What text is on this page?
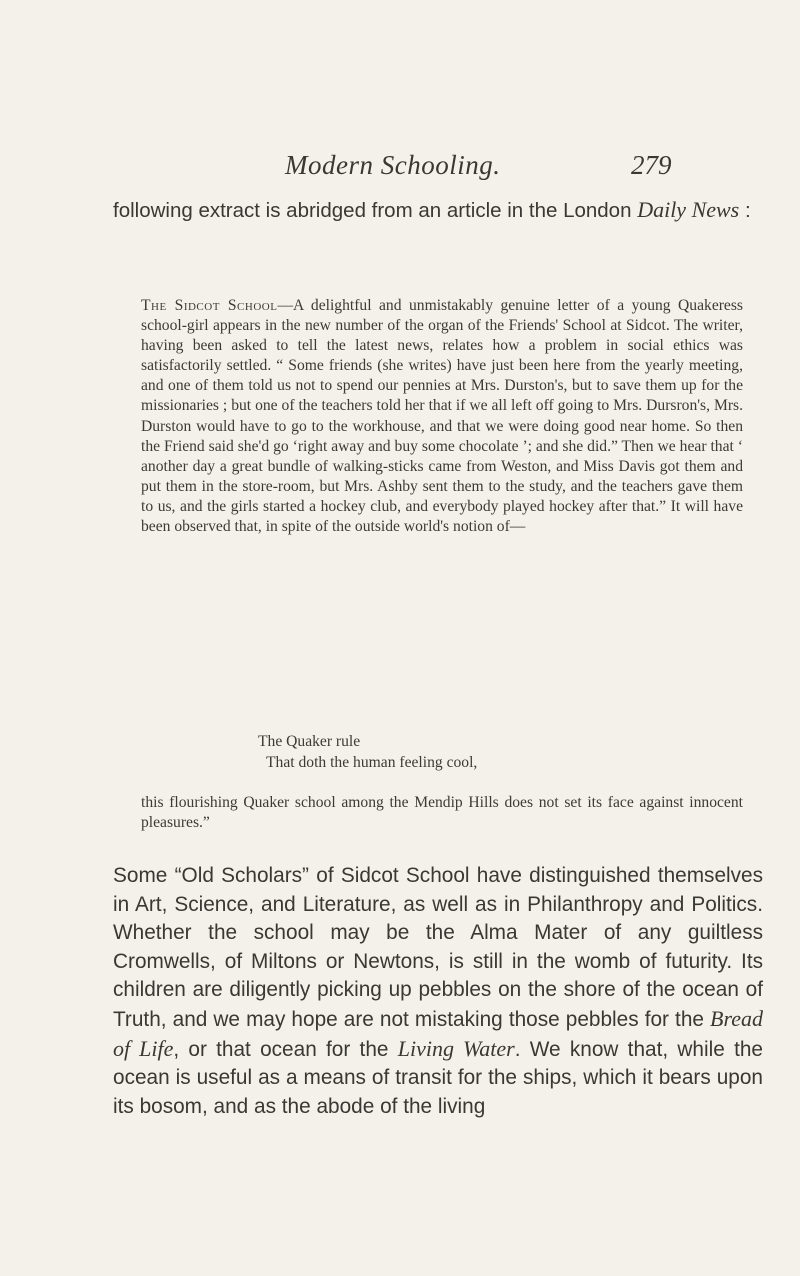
Modern Schooling.	279
following extract is abridged from an article in the London Daily News :

The Sidcot School—A delightful and unmistakably genuine letter of a young Quakeress school-girl appears in the new number of the organ of the Friends' School at Sidcot. The writer, having been asked to tell the latest news, relates how a problem in social ethics was satisfactorily settled. “ Some friends (she writes) have just been here from the yearly meeting, and one of them told us not to spend our pennies at Mrs. Durston's, but to save them up for the missionaries ; but one of the teachers told her that if we all left off going to Mrs. Dursron's, Mrs. Durston would have to go to the workhouse, and that we were doing good near home. So then the Friend said she'd go ‘right away and buy some chocolate ’; and she did.” Then we hear that ‘ another day a great bundle of walking-sticks came from Weston, and Miss Davis got them and put them in the store-room, but Mrs. Ashby sent them to the study, and the teachers gave them to us, and the girls started a hockey club, and everybody played hockey after that.” It will have been observed that, in spite of the outside world's notion of—

The Quaker rule
That doth the human feeling cool,
this flourishing Quaker school among the Mendip Hills does not set its face against innocent pleasures.”
Some “Old Scholars” of Sidcot School have distinguished themselves in Art, Science, and Literature, as well as in Philanthropy and Politics. Whether the school may be the Alma Mater of any guiltless Cromwells, of Miltons or Newtons, is still in the womb of futurity. Its children are diligently picking up pebbles on the shore of the ocean of Truth, and we may hope are not mistaking those pebbles for the Bread of Life, or that ocean for the Living Water. We know that, while the ocean is useful as a means of transit for the ships, which it bears upon its bosom, and as the abode of the living
